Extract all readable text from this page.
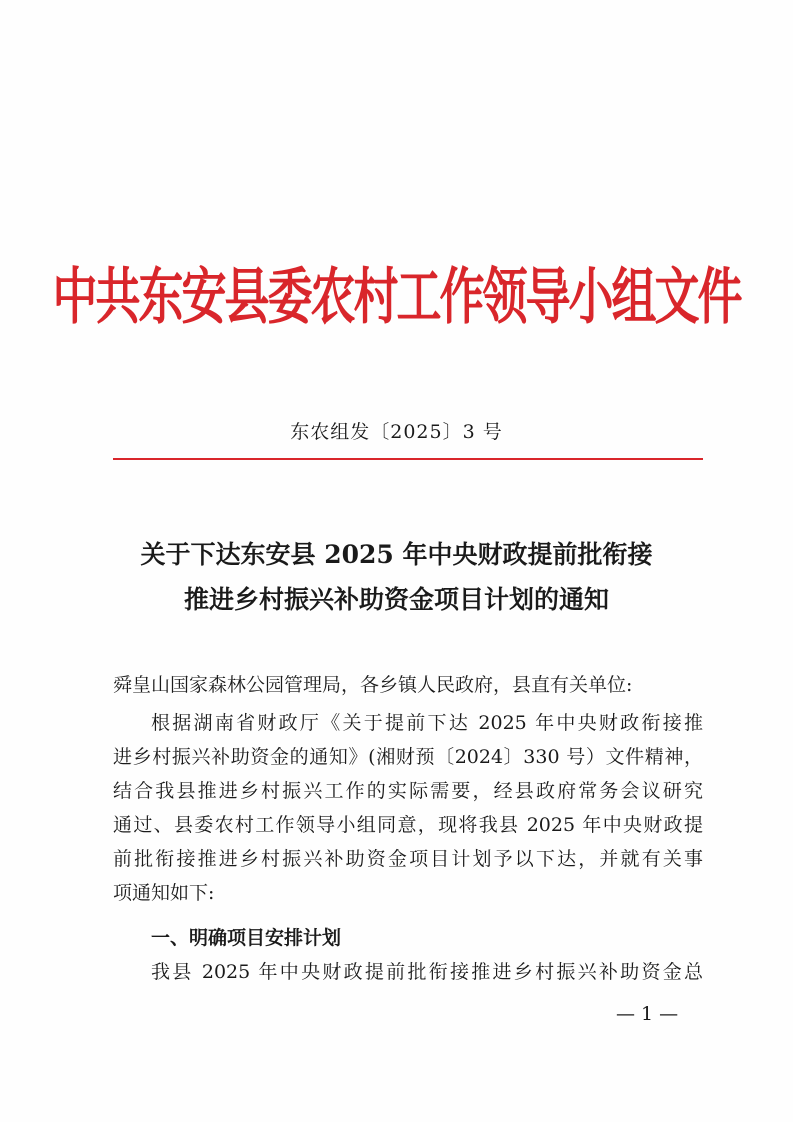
中共东安县委农村工作领导小组文件
东农组发〔2025〕3 号
关于下达东安县 2025 年中央财政提前批衔接
推进乡村振兴补助资金项目计划的通知
舜皇山国家森林公园管理局，各乡镇人民政府，县直有关单位:
根据湖南省财政厅《关于提前下达 2025 年中央财政衔接推
进乡村振兴补助资金的通知》(湘财预〔2024〕330 号）文件精神，
结合我县推进乡村振兴工作的实际需要，经县政府常务会议研究
通过、县委农村工作领导小组同意，现将我县 2025 年中央财政提
前批衔接推进乡村振兴补助资金项目计划予以下达，并就有关事
项通知如下:
一、明确项目安排计划
我县 2025 年中央财政提前批衔接推进乡村振兴补助资金总
— 1 —
